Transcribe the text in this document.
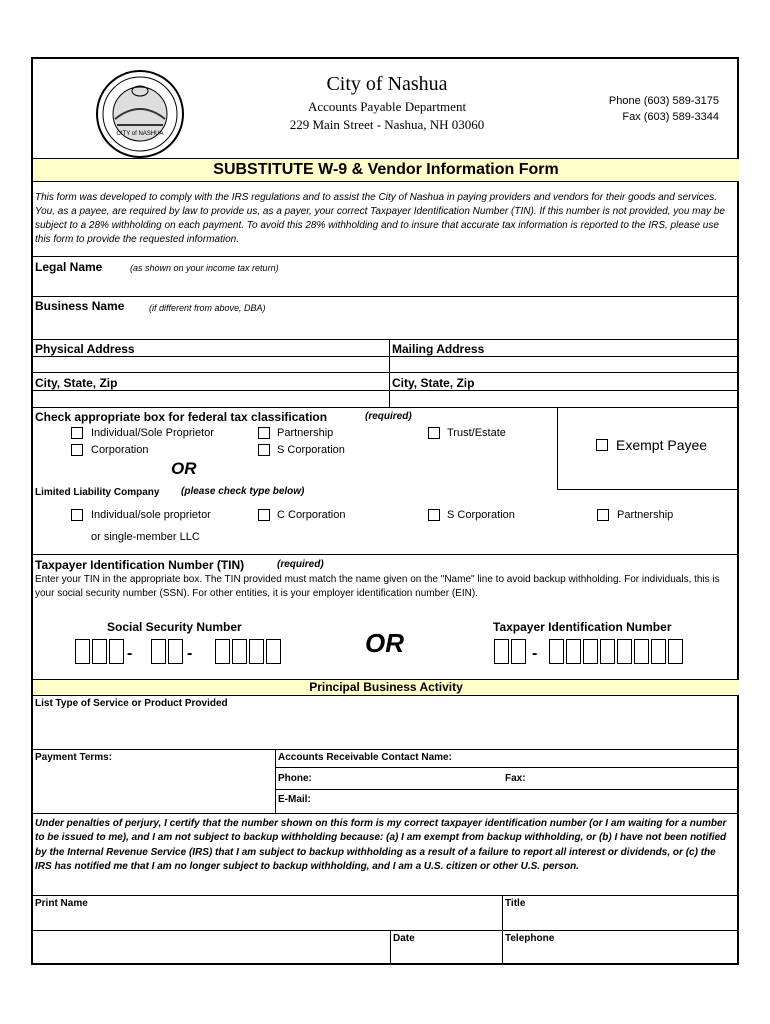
CITY of NASHUA
City of Nashua
Accounts Payable Department
229 Main Street - Nashua, NH 03060
Phone (603) 589-3175
Fax (603) 589-3344
SUBSTITUTE W-9 & Vendor Information Form
This form was developed to comply with the IRS regulations and to assist the City of Nashua in paying providers and vendors for their goods and services. You, as a payee, are required by law to provide us, as a payer, your correct Taxpayer Identification Number (TIN). If this number is not provided, you may be subject to a 28% withholding on each payment. To avoid this 28% withholding and to insure that accurate tax information is reported to the IRS, please use this form to provide the requested information.
Legal Name	(as shown on your income tax return)
Business Name	(if different from above, DBA)
Physical Address	Mailing Address
City, State, Zip	City, State, Zip
Check appropriate box for federal tax classification	(required)
Individual/Sole Proprietor	Partnership	Trust/Estate
Corporation	S Corporation	Exempt Payee
OR
Limited Liability Company (please check type below)
Individual/sole proprietor	C Corporation	S Corporation	Partnership
or single-member LLC
Taxpayer Identification Number (TIN)	(required)
Enter your TIN in the appropriate box. The TIN provided must match the name given on the "Name" line to avoid backup withholding. For individuals, this is your social security number (SSN). For other entities, it is your employer identification number (EIN).
Social Security Number	Taxpayer Identification Number
OR
-	-	-
Principal Business Activity
List Type of Service or Product Provided
Payment Terms:	Accounts Receivable Contact Name:
Phone:	Fax:
E-Mail:
Under penalties of perjury, I certify that the number shown on this form is my correct taxpayer identification number (or I am waiting for a number to be issued to me), and I am not subject to backup withholding because: (a) I am exempt from backup withholding, or (b) I have not been notified by the Internal Revenue Service (IRS) that I am subject to backup withholding as a result of a failure to report all interest or dividends, or (c) the IRS has notified me that I am no longer subject to backup withholding, and I am a U.S. citizen or other U.S. person.
Print Name	Title
Date	Telephone
